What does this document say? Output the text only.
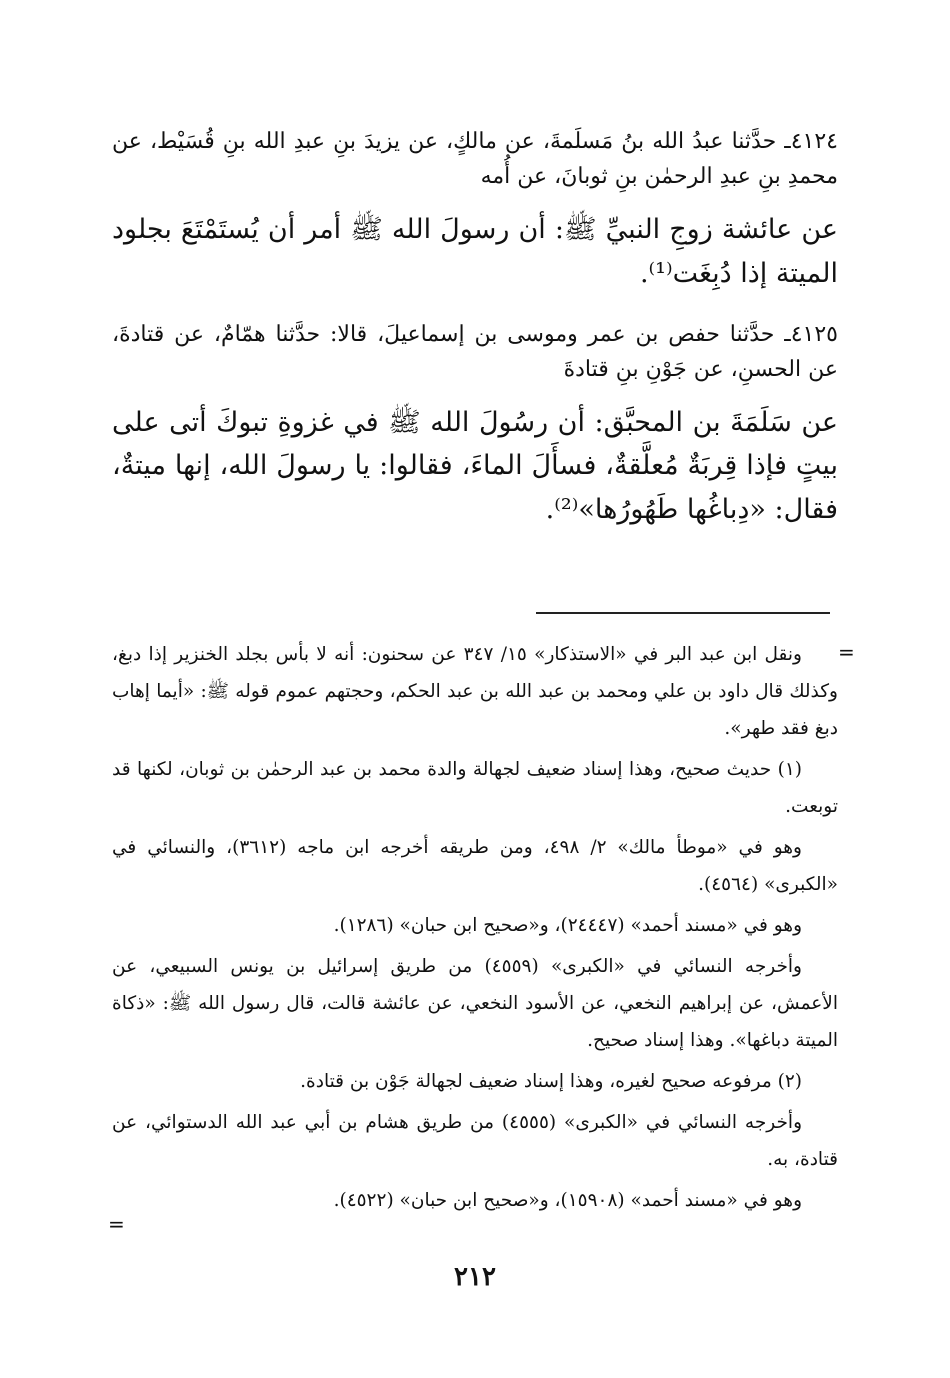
٤١٢٤ـ حدَّثنا عبدُ الله بنُ مَسلَمةَ، عن مالكٍ، عن يزيدَ بنِ عبدِ الله بنِ قُسَيْط، عن محمدِ بنِ عبدِ الرحمٰن بنِ ثوبانَ، عن أُمه

عن عائشة زوجِ النبيِّ ﷺ: أن رسولَ الله ﷺ أمر أن يُستَمْتَعَ بجلود الميتة إذا دُبِغَت⁽¹⁾.

٤١٢٥ـ حدَّثنا حفص بن عمر وموسى بن إسماعيلَ، قالا: حدَّثنا همّامٌ، عن قتادةَ، عن الحسنِ، عن جَوْنِ بنِ قتادةَ

عن سَلَمَةَ بن المحبَّق: أن رسُولَ الله ﷺ في غزوةِ تبوكَ أتى على بيتٍ فإذا قِربَةٌ مُعلَّقةٌ، فسأَلَ الماءَ، فقالوا: يا رسولَ الله، إنها ميتةٌ، فقال: «دِباغُها طَهُورُها»⁽²⁾.

=

ونقل ابن عبد البر في «الاستذكار» ١٥/ ٣٤٧ عن سحنون: أنه لا بأس بجلد الخنزير إذا دبغ، وكذلك قال داود بن علي ومحمد بن عبد الله بن عبد الحكم، وحجتهم عموم قوله ﷺ: «أيما إهاب دبغ فقد طهر».

(١) حديث صحيح، وهذا إسناد ضعيف لجهالة والدة محمد بن عبد الرحمٰن بن ثوبان، لكنها قد توبعت.

وهو في «موطأ مالك» ٢/ ٤٩٨، ومن طريقه أخرجه ابن ماجه (٣٦١٢)، والنسائي في «الكبرى» (٤٥٦٤).

وهو في «مسند أحمد» (٢٤٤٤٧)، و«صحيح ابن حبان» (١٢٨٦).

وأخرجه النسائي في «الكبرى» (٤٥٥٩) من طريق إسرائيل بن يونس السبيعي، عن الأعمش، عن إبراهيم النخعي، عن الأسود النخعي، عن عائشة قالت، قال رسول الله ﷺ: «ذكاة الميتة دباغها». وهذا إسناد صحيح.

(٢) مرفوعه صحيح لغيره، وهذا إسناد ضعيف لجهالة جَوْن بن قتادة.

وأخرجه النسائي في «الكبرى» (٤٥٥٥) من طريق هشام بن أبي عبد الله الدستوائي، عن قتادة، به.

وهو في «مسند أحمد» (١٥٩٠٨)، و«صحيح ابن حبان» (٤٥٢٢).

=
٢١٢
